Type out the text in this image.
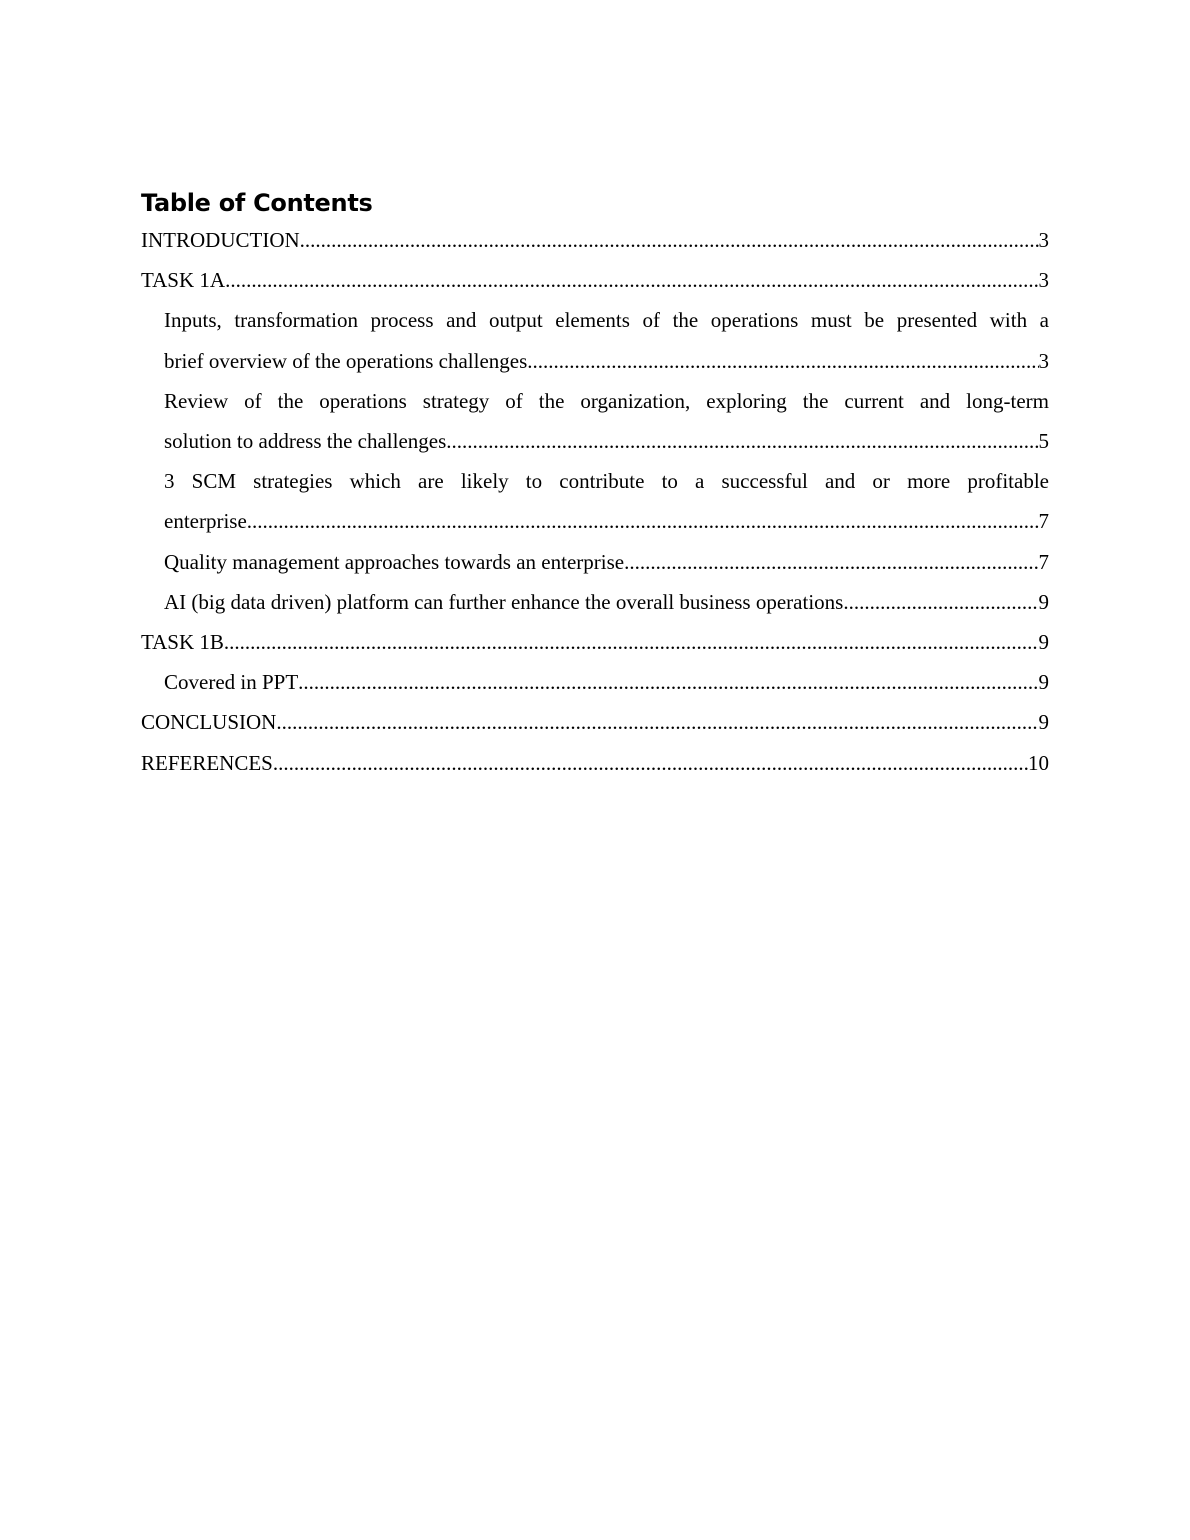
Table of Contents
INTRODUCTION .....	3
TASK 1A .....	3
Inputs, transformation process and output elements of the operations must be presented with a
brief overview of the operations challenges .....	3
Review of the operations strategy of the organization, exploring the current and long-term
solution to address the challenges .....	5
3 SCM strategies which are likely to contribute to a successful and or more profitable
enterprise .....	7
Quality management approaches towards an enterprise .....	7
AI (big data driven) platform can further enhance the overall business operations .....	9
TASK 1B .....	9
Covered in PPT .....	9
CONCLUSION .....	9
REFERENCES .....	10
